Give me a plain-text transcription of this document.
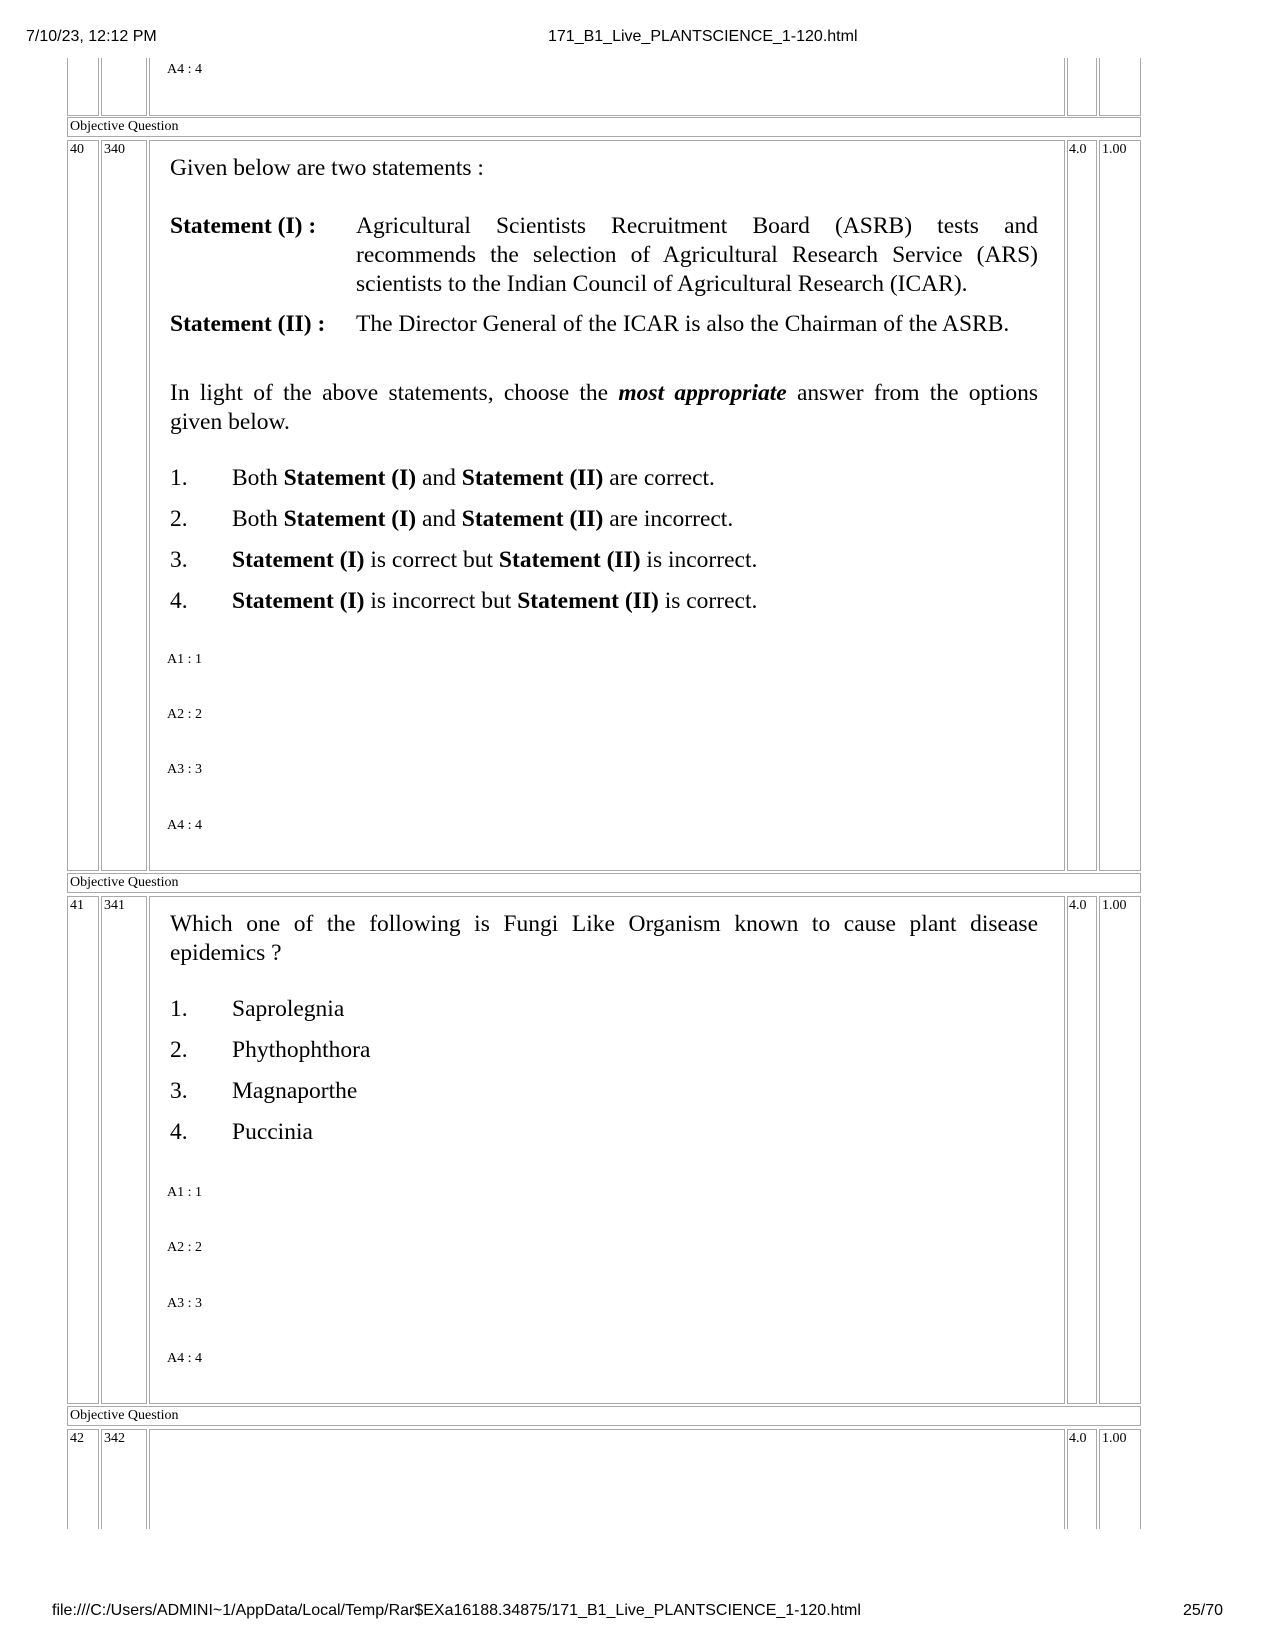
7/10/23, 12:12 PM	171_B1_Live_PLANTSCIENCE_1-120.html
A4 : 4
Objective Question
40 340	4.0 1.00
Given below are two statements :
Statement (I) : Agricultural Scientists Recruitment Board (ASRB) tests and recommends the selection of Agricultural Research Service (ARS) scientists to the Indian Council of Agricultural Research (ICAR).
Statement (II) : The Director General of the ICAR is also the Chairman of the ASRB.
In light of the above statements, choose the most appropriate answer from the options given below.
1. Both Statement (I) and Statement (II) are correct.
2. Both Statement (I) and Statement (II) are incorrect.
3. Statement (I) is correct but Statement (II) is incorrect.
4. Statement (I) is incorrect but Statement (II) is correct.
A1 : 1
A2 : 2
A3 : 3
A4 : 4
Objective Question
41 341	4.0 1.00
Which one of the following is Fungi Like Organism known to cause plant disease epidemics ?
1. Saprolegnia
2. Phythophthora
3. Magnaporthe
4. Puccinia
A1 : 1
A2 : 2
A3 : 3
A4 : 4
Objective Question
42 342	4.0 1.00
file:///C:/Users/ADMINI~1/AppData/Local/Temp/Rar$EXa16188.34875/171_B1_Live_PLANTSCIENCE_1-120.html	25/70
